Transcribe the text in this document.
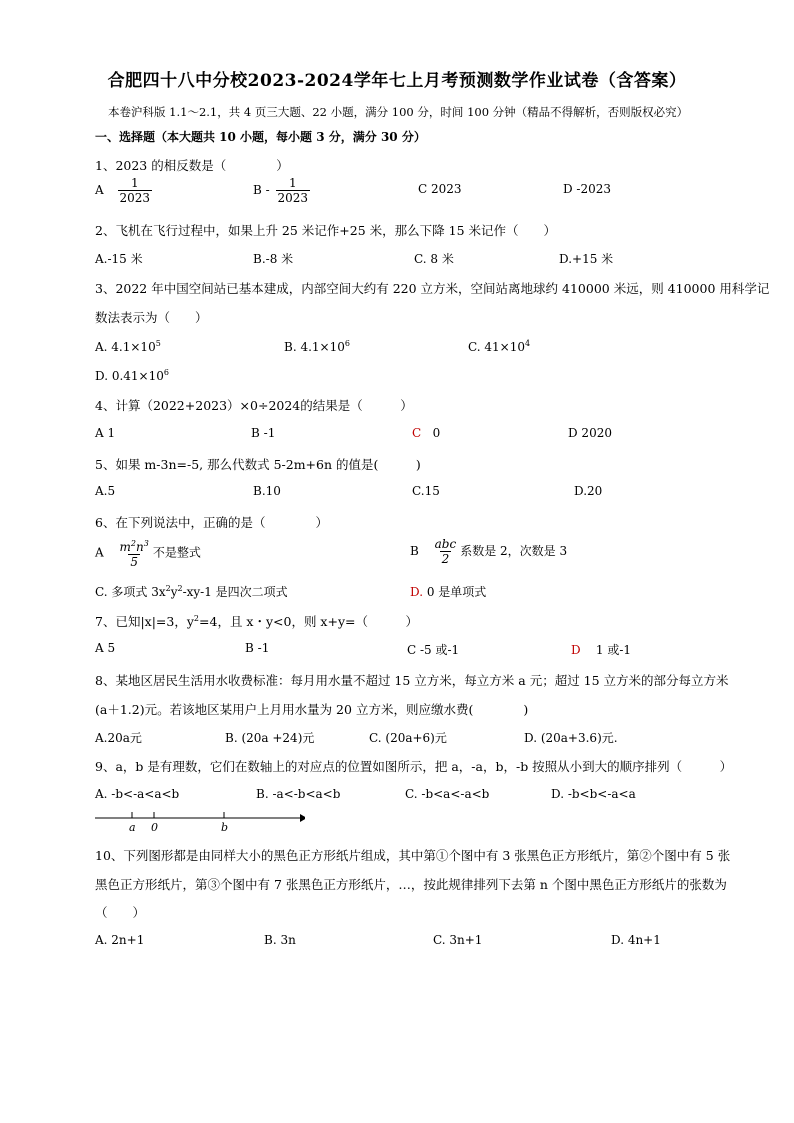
合肥四十八中分校2023-2024学年七上月考预测数学作业试卷（含答案）
本卷沪科版 1.1～2.1，共 4 页三大题、22 小题，满分 100 分，时间 100 分钟（精品不得解析，否则版权必究）
一、选择题（本大题共 10 小题，每小题 3 分，满分 30 分）
1、2023 的相反数是（　　　　）
A $\frac{1}{2023}$	B - $\frac{1}{2023}$	C 2023	D -2023
2、飞机在飞行过程中，如果上升 25 米记作+25 米，那么下降 15 米记作（　　）
A.-15 米	B.-8 米	C. 8 米	D.+15 米
3、2022 年中国空间站已基本建成，内部空间大约有 220 立方米，空间站离地球约 410000 米远，则 410000 用科学记
数法表示为（　　）
A. $4.1\times 10^5$	B. $4.1\times 10^6$	C. $41\times 10^4$
D. $0.41\times 10^6$
4、计算（2022+2023）×0÷2024的结果是（　　　）
A 1	B -1	C 0	D 2020
5、如果 m-3n=-5, 那么代数式 5-2m+6n 的值是(　　　)
A.5	B.10	C.15	D.20
6、在下列说法中，正确的是（　　　　）
A $\frac{m^2n^3}{5}$ 不是整式	B $\frac{\text{abc}}{2}$ 系数是 2，次数是 3
C. 多项式 $3x^2y^2-xy-1$ 是四次二项式	D. 0 是单项式
7、已知|x|=3，$y^2=4$，且 x・y<0，则 x+y=（　　　）
A 5	B -1	C -5 或-1	D 1 或-1
8、某地区居民生活用水收费标准：每月用水量不超过 15 立方米，每立方米 a 元；超过 15 立方米的部分每立方米
(a＋1.2)元。若该地区某用户上月用水量为 20 立方米，则应缴水费(　　　　)
A.20a元	B. (20a +24)元	C. (20a+6)元	D. (20a+3.6)元.
9、a，b 是有理数，它们在数轴上的对应点的位置如图所示，把 a，-a，b，-b 按照从小到大的顺序排列（　　　）
A. -b<-a<a<b	B. -a<-b<a<b	C. -b<a<-a<b	D. -b<b<-a<a
a 0	b
10、下列图形都是由同样大小的黑色正方形纸片组成，其中第①个图中有 3 张黑色正方形纸片，第②个图中有 5 张
黑色正方形纸片，第③个图中有 7 张黑色正方形纸片，…，按此规律排列下去第 n 个图中黑色正方形纸片的张数为
（　　）
A. 2n+1	B. 3n	C. 3n+1	D. 4n+1
